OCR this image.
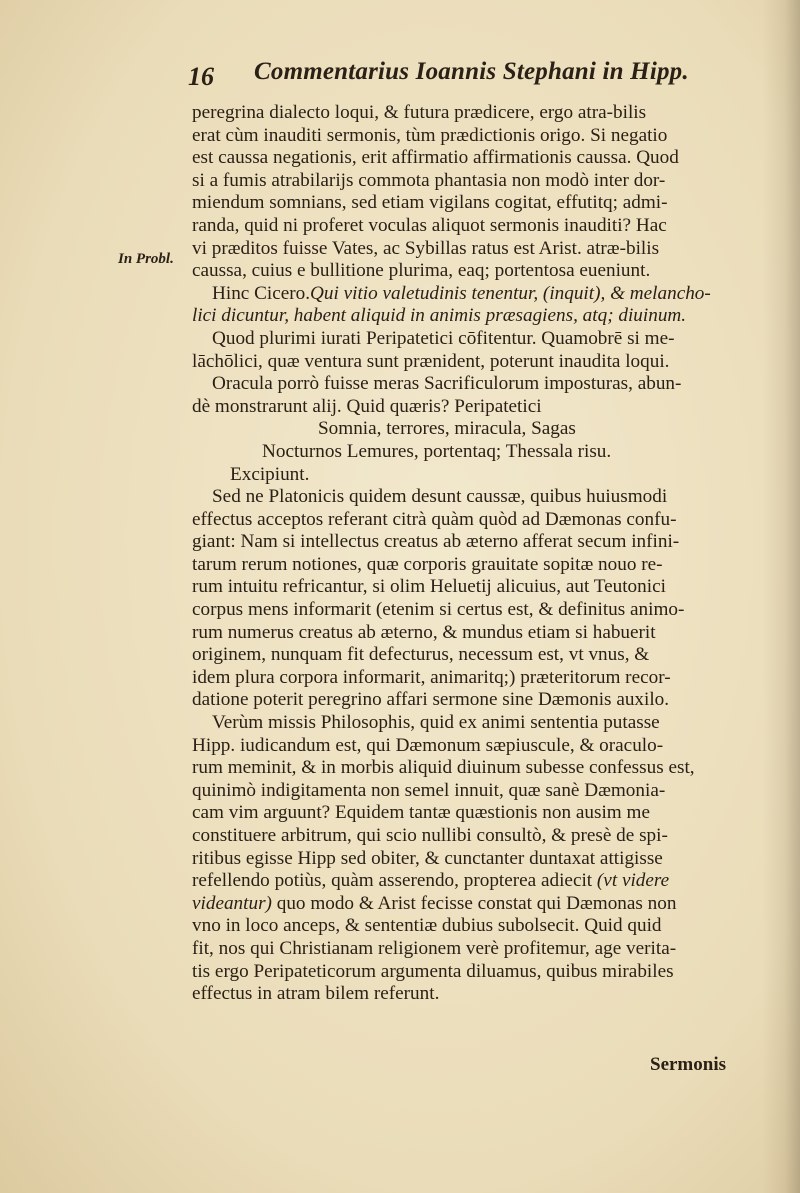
16 Commentarius Ioannis Stephani in Hipp.
In Probl.
peregrina dialecto loqui, & futura prædicere, ergo atra-bilis
erat cùm inauditi sermonis, tùm prædictionis origo. Si negatio
est caussa negationis, erit affirmatio affirmationis caussa. Quod
si a fumis atrabilarijs commota phantasia non modò inter dor-
miendum somnians, sed etiam vigilans cogitat, effutitq; admi-
randa, quid ni proferet voculas aliquot sermonis inauditi? Hac
vi præditos fuisse Vates, ac Sybillas ratus est Arist. atræ-bilis
caussa, cuius e bullitione plurima, eaq; portentosa eueniunt.
Hinc Cicero.Qui vitio valetudinis tenentur, (inquit), & melancho-
lici dicuntur, habent aliquid in animis præsagiens, atq; diuinum.
Quod plurimi iurati Peripatetici cōfitentur. Quamobrē si me-
lāchōlici, quæ ventura sunt prænident, poterunt inaudita loqui.
Oracula porrò fuisse meras Sacrificulorum imposturas, abun-
dè monstrarunt alij. Quid quæris? Peripatetici
Somnia, terrores, miracula, Sagas
Nocturnos Lemures, portentaq; Thessala risu.
Excipiunt.
Sed ne Platonicis quidem desunt caussæ, quibus huiusmodi
effectus acceptos referant citrà quàm quòd ad Dæmonas confu-
giant: Nam si intellectus creatus ab æterno afferat secum infini-
tarum rerum notiones, quæ corporis grauitate sopitæ nouo re-
rum intuitu refricantur, si olim Heluetij alicuius, aut Teutonici
corpus mens informarit (etenim si certus est, & definitus animo-
rum numerus creatus ab æterno, & mundus etiam si habuerit
originem, nunquam fit defecturus, necessum est, vt vnus, &
idem plura corpora informarit, animaritq;) præteritorum recor-
datione poterit peregrino affari sermone sine Dæmonis auxilo.
Verùm missis Philosophis, quid ex animi sententia putasse
Hipp. iudicandum est, qui Dæmonum sæpiuscule, & oraculo-
rum meminit, & in morbis aliquid diuinum subesse confessus est,
quinimò indigitamenta non semel innuit, quæ sanè Dæmonia-
cam vim arguunt? Equidem tantæ quæstionis non ausim me
constituere arbitrum, qui scio nullibi consultò, & presè de spi-
ritibus egisse Hipp sed obiter, & cunctanter duntaxat attigisse
refellendo potiùs, quàm asserendo, propterea adiecit (vt videre
videantur) quo modo & Arist fecisse constat qui Dæmonas non
vno in loco anceps, & sententiæ dubius subolsecit. Quid quid
fit, nos qui Christianam religionem verè profitemur, age verita-
tis ergo Peripateticorum argumenta diluamus, quibus mirabiles
effectus in atram bilem referunt.
Sermonis
